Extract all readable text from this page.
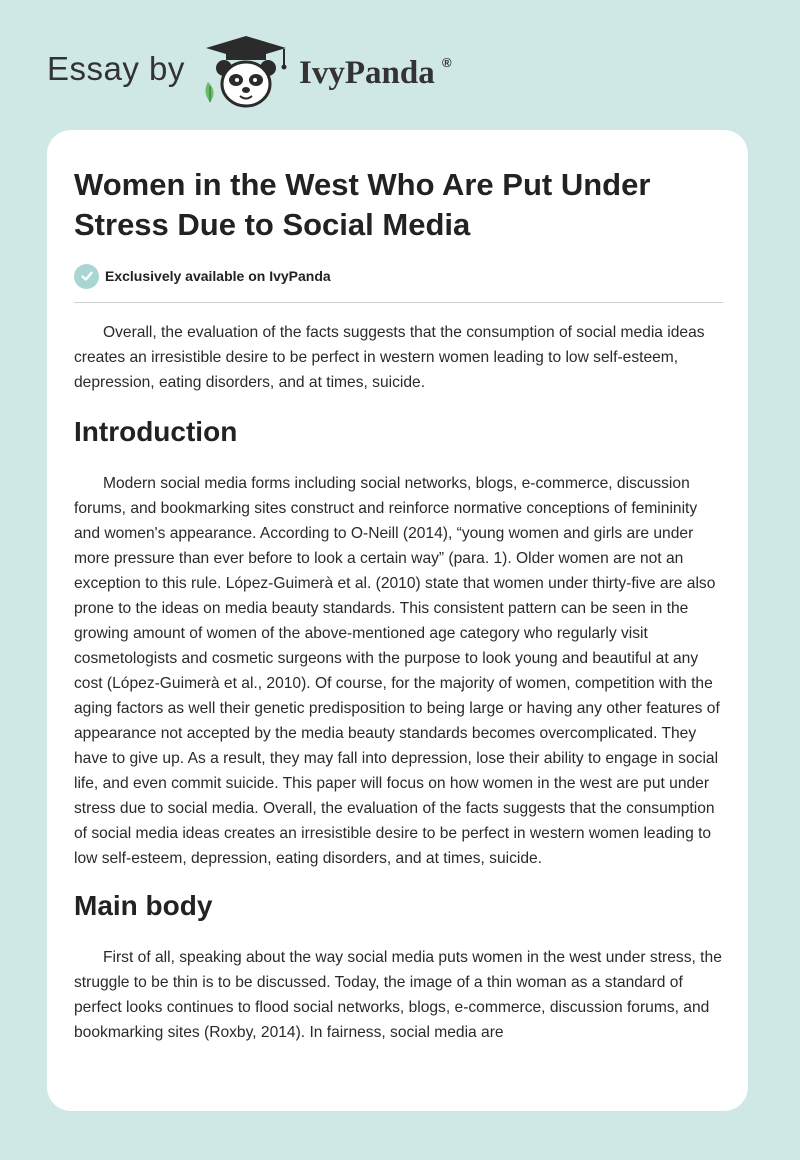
Essay by	IvyPanda ®
Women in the West Who Are Put Under Stress Due to Social Media
Exclusively available on IvyPanda

Overall, the evaluation of the facts suggests that the consumption of social media ideas creates an irresistible desire to be perfect in western women leading to low self-esteem, depression, eating disorders, and at times, suicide.

Introduction

Modern social media forms including social networks, blogs, e-commerce, discussion forums, and bookmarking sites construct and reinforce normative conceptions of femininity and women's appearance. According to O-Neill (2014), “young women and girls are under more pressure than ever before to look a certain way” (para. 1). Older women are not an exception to this rule. López-Guimerà et al. (2010) state that women under thirty-five are also prone to the ideas on media beauty standards. This consistent pattern can be seen in the growing amount of women of the above-mentioned age category who regularly visit cosmetologists and cosmetic surgeons with the purpose to look young and beautiful at any cost (López-Guimerà et al., 2010). Of course, for the majority of women, competition with the aging factors as well their genetic predisposition to being large or having any other features of appearance not accepted by the media beauty standards becomes overcomplicated. They have to give up. As a result, they may fall into depression, lose their ability to engage in social life, and even commit suicide. This paper will focus on how women in the west are put under stress due to social media. Overall, the evaluation of the facts suggests that the consumption of social media ideas creates an irresistible desire to be perfect in western women leading to low self-esteem, depression, eating disorders, and at times, suicide.

Main body

First of all, speaking about the way social media puts women in the west under stress, the struggle to be thin is to be discussed. Today, the image of a thin woman as a standard of perfect looks continues to flood social networks, blogs, e-commerce, discussion forums, and bookmarking sites (Roxby, 2014). In fairness, social media are
